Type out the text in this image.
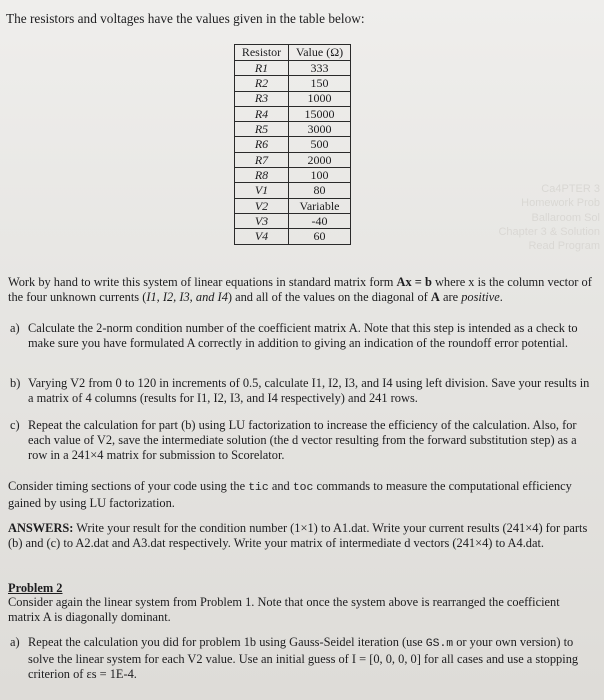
The resistors and voltages have the values given in the table below:
Resistor	Value (Ω)
R1	333
R2	150
R3	1000
R4	15000
R5	3000
R6	500
R7	2000
R8	100
V1	80
V2	Variable
V3	-40
V4	60
Ca4PTER 3
Homework Prob
Ballaroom Sol
Chapter 3 & Solution
Read Program
Work by hand to write this system of linear equations in standard matrix form Ax = b where x is the column vector of the four unknown currents (I1, I2, I3, and I4) and all of the values on the diagonal of A are positive.
a) Calculate the 2-norm condition number of the coefficient matrix A. Note that this step is intended as a check to make sure you have formulated A correctly in addition to giving an indication of the roundoff error potential.
b) Varying V2 from 0 to 120 in increments of 0.5, calculate I1, I2, I3, and I4 using left division. Save your results in a matrix of 4 columns (results for I1, I2, I3, and I4 respectively) and 241 rows.
c) Repeat the calculation for part (b) using LU factorization to increase the efficiency of the calculation. Also, for each value of V2, save the intermediate solution (the d vector resulting from the forward substitution step) as a row in a 241×4 matrix for submission to Scorelator.
Consider timing sections of your code using the tic and toc commands to measure the computational efficiency gained by using LU factorization.
ANSWERS: Write your result for the condition number (1×1) to A1.dat. Write your current results (241×4) for parts (b) and (c) to A2.dat and A3.dat respectively. Write your matrix of intermediate d vectors (241×4) to A4.dat.
Problem 2
Consider again the linear system from Problem 1. Note that once the system above is rearranged the coefficient matrix A is diagonally dominant.
a) Repeat the calculation you did for problem 1b using Gauss-Seidel iteration (use GS.m or your own version) to solve the linear system for each V2 value. Use an initial guess of I = [0, 0, 0, 0] for all cases and use a stopping criterion of εs = 1E-4.
